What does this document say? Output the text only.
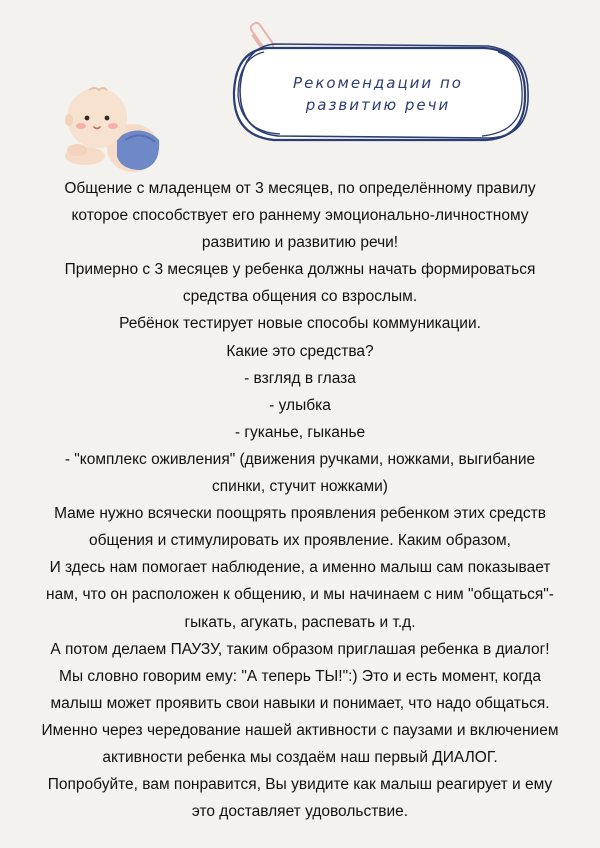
Рекомендации по
развитию речи

Общение с младенцем от 3 месяцев, по определённому правилу

которое способствует его раннему эмоционально-личностному

развитию и развитию речи!

Примерно с 3 месяцев у ребенка должны начать формироваться

средства общения со взрослым.

Ребёнок тестирует новые способы коммуникации.

Какие это средства?

- взгляд в глаза

- улыбка

- гуканье, гыканье

- "комплекс оживления" (движения ручками, ножками, выгибание

спинки, стучит ножками)

Маме нужно всячески поощрять проявления ребенком этих средств

общения и стимулировать их проявление. Каким образом,

И здесь нам помогает наблюдение, а именно малыш сам показывает

нам, что он расположен к общению, и мы начинаем с ним "общаться"-

гыкать, агукать, распевать и т.д.

А потом делаем ПАУЗУ, таким образом приглашая ребенка в диалог!

Мы словно говорим ему: "А теперь ТЫ!":) Это и есть момент, когда

малыш может проявить свои навыки и понимает, что надо общаться.

Именно через чередование нашей активности с паузами и включением

активности ребенка мы создаём наш первый ДИАЛОГ.

Попробуйте, вам понравится, Вы увидите как малыш реагирует и ему

это доставляет удовольствие.
